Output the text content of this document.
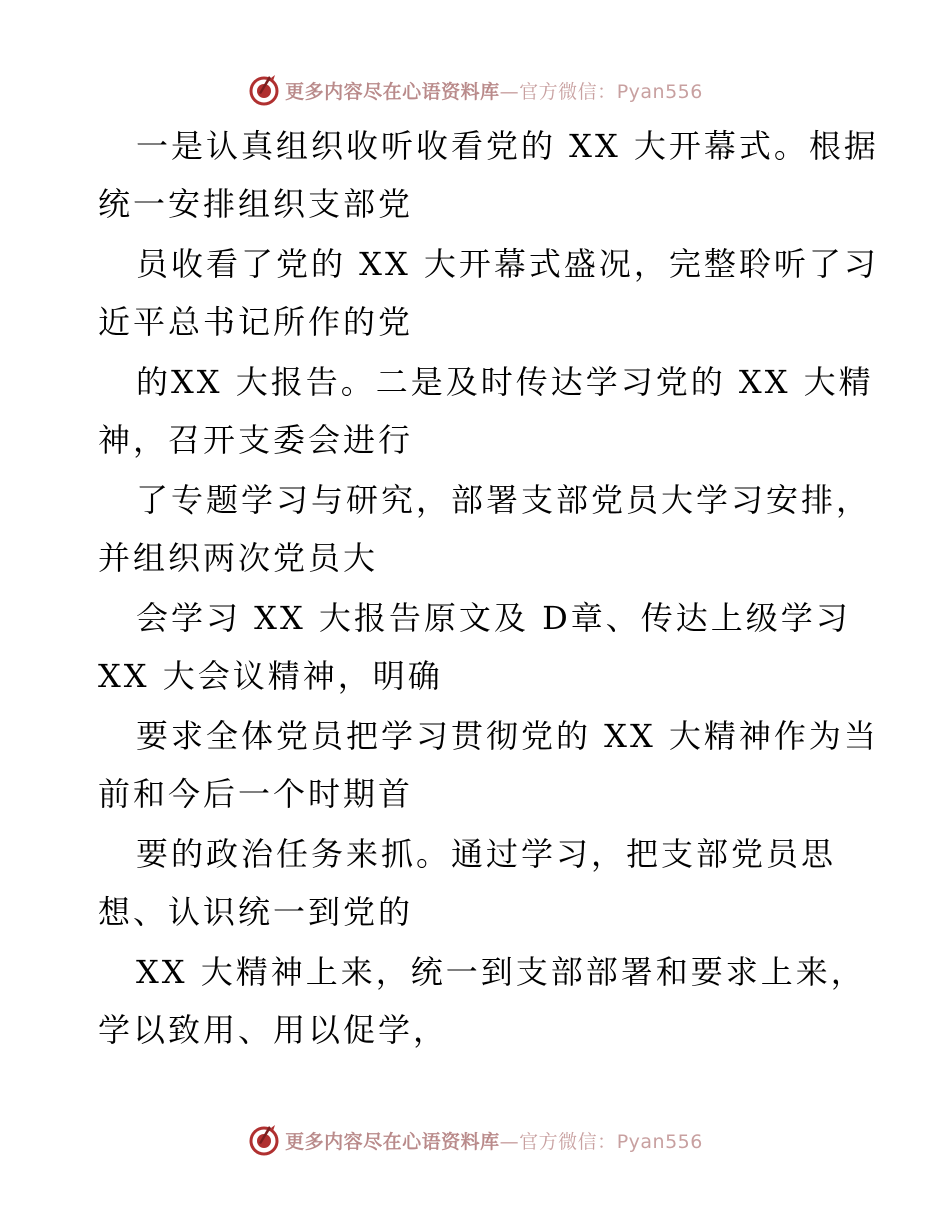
更多内容尽在心语资料库—官方微信：Pyan556
一是认真组织收听收看党的 XX 大开幕式。根据
统一安排组织支部党
员收看了党的 XX 大开幕式盛况，完整聆听了习
近平总书记所作的党
的XX 大报告。二是及时传达学习党的 XX 大精
神，召开支委会进行
了专题学习与研究，部署支部党员大学习安排，
并组织两次党员大
会学习 XX 大报告原文及 D章、传达上级学习
XX 大会议精神，明确
要求全体党员把学习贯彻党的 XX 大精神作为当
前和今后一个时期首
要的政治任务来抓。通过学习，把支部党员思
想、认识统一到党的
XX 大精神上来，统一到支部部署和要求上来，
学以致用、用以促学，
更多内容尽在心语资料库—官方微信：Pyan556
